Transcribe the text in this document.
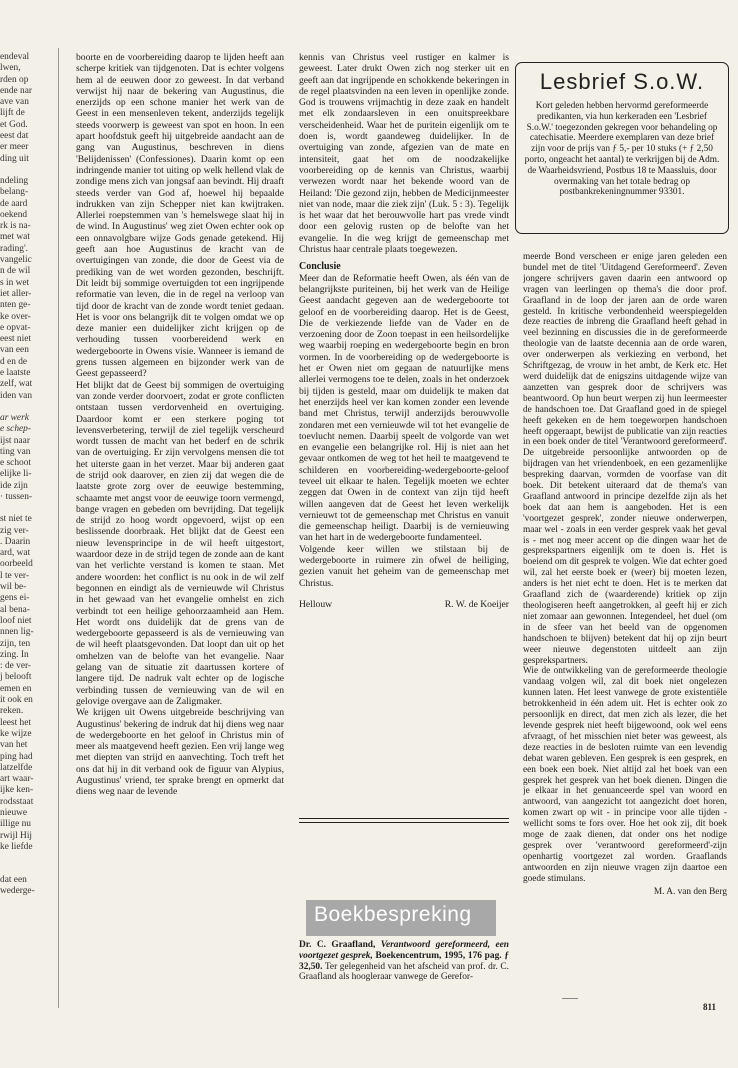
endeval
lwen,
rden op
ende nar
ave van
lijft de
et God.
eest dat
er meer
ding uit
ndeling
belang-
de aard
oekend
rk is na-
met wat
rading'.
vangelic
n de wil
s in wet
iet aller-
nten ge-
ke over-
e opvat-
eest niet
van een
d en de
e laatste
zelf, wat
iden van
ar werk
e schep-
ijst naar
ting van
e schoot
elijke li-
ide zijn
· tussen-
st niet te
zig ver-
. Daarin
ard, wat
oorbeeld
l te ver-
wil be-
gens ei-
al bena-
loof niet
nnen lig-
zijn, ten
zing. In
: de ver-
j belooft
emen en
it ook en
reken.
leest het
ke wijze
van het
ping had
latzelfde
art waar-
ijke ken-
rodsstaat
nieuwe
illige nu
rwijl Hij
ke liefde
dat een
wederge-

boorte en de voorbereiding daarop te lijden heeft aan scherpe kritiek van tijdgenoten. Dat is echter volgens hem al de eeuwen door zo geweest. In dat verband verwijst hij naar de bekering van Augustinus, die enerzijds op een schone manier het werk van de Geest in een mensenleven tekent, anderzijds tegelijk steeds voorwerp is geweest van spot en hoon. In een apart hoofdstuk geeft hij uitgebreide aandacht aan de gang van Augustinus, beschreven in diens 'Belijdenissen' (Confessiones). Daarin komt op een indringende manier tot uiting op welk hellend vlak de zondige mens zich van jongsaf aan bevindt. Hij draaft steeds verder van God af, hoewel hij bepaalde indrukken van zijn Schepper niet kan kwijtraken. Allerlei roepstemmen van 's hemelswege slaat hij in de wind. In Augustinus' weg ziet Owen echter ook op een onnavolgbare wijze Gods genade getekend. Hij geeft aan hoe Augustinus de kracht van de overtuigingen van zonde, die door de Geest via de prediking van de wet worden gezonden, beschrijft. Dit leidt bij sommige overtuigden tot een ingrijpende reformatie van leven, die in de regel na verloop van tijd door de kracht van de zonde wordt teniet gedaan. Het is voor ons belangrijk dit te volgen omdat we op deze manier een duidelijker zicht krijgen op de verhouding tussen voorbereidend werk en wedergeboorte in Owens visie. Wanneer is iemand de grens tussen algemeen en bijzonder werk van de Geest gepasseerd?

Het blijkt dat de Geest bij sommigen de overtuiging van zonde verder doorvoert, zodat er grote conflicten ontstaan tussen verdorvenheid en overtuiging. Daardoor komt er een sterkere poging tot levensverbetering, terwijl de ziel tegelijk verscheurd wordt tussen de macht van het bederf en de schrik van de overtuiging. Er zijn vervolgens mensen die tot het uiterste gaan in het verzet. Maar bij anderen gaat de strijd ook daarover, en zien zij dat wegen die de laatste grote zorg over de eeuwige bestemming, schaamte met angst voor de eeuwige toorn vermengd, bange vragen en gebeden om bevrijding. Dat tegelijk de strijd zo hoog wordt opgevoerd, wijst op een beslissende doorbraak. Het blijkt dat de Geest een nieuw levensprincipe in de wil heeft uitgestort, waardoor deze in de strijd tegen de zonde aan de kant van het verlichte verstand is komen te staan. Met andere woorden: het conflict is nu ook in de wil zelf begonnen en eindigt als de vernieuwde wil Christus in het gewaad van het evangelie omhelst en zich verbindt tot een heilige gehoorzaamheid aan Hem. Het wordt ons duidelijk dat de grens van de wedergeboorte gepasseerd is als de vernieuwing van de wil heeft plaatsgevonden. Dat loopt dan uit op het omhelzen van de belofte van het evangelie. Naar gelang van de situatie zit daartussen kortere of langere tijd. De nadruk valt echter op de logische verbinding tussen de vernieuwing van de wil en gelovige overgave aan de Zaligmaker.

We krijgen uit Owens uitgebreide beschrijving van Augustinus' bekering de indruk dat hij diens weg naar de wedergeboorte en het geloof in Christus min of meer als maatgevend heeft gezien. Een vrij lange weg met diepten van strijd en aanvechting. Toch treft het ons dat hij in dit verband ook de figuur van Alypius, Augustinus' vriend, ter sprake brengt en opmerkt dat diens weg naar de levende

kennis van Christus veel rustiger en kalmer is geweest. Later drukt Owen zich nog sterker uit en geeft aan dat ingrijpende en schokkende bekeringen in de regel plaatsvinden na een leven in openlijke zonde. God is trouwens vrijmachtig in deze zaak en handelt met elk zondaarsleven in een onuitspreekbare verscheidenheid. Waar het de puritein eigenlijk om te doen is, wordt gaandeweg duidelijker. In de overtuiging van zonde, afgezien van de mate en intensiteit, gaat het om de noodzakelijke voorbereiding op de kennis van Christus, waarbij verwezen wordt naar het bekende woord van de Heiland: 'Die gezond zijn, hebben de Medicijnmeester niet van node, maar die ziek zijn' (Luk. 5 : 3). Tegelijk is het waar dat het berouwvolle hart pas vrede vindt door een gelovig rusten op de belofte van het evangelie. In die weg krijgt de gemeenschap met Christus haar centrale plaats toegewezen.

Conclusie

Meer dan de Reformatie heeft Owen, als één van de belangrijkste puriteinen, bij het werk van de Heilige Geest aandacht gegeven aan de wedergeboorte tot geloof en de voorbereiding daarop. Het is de Geest, Die de verkiezende liefde van de Vader en de verzoening door de Zoon toepast in een heilsordelijke weg waarbij roeping en wedergeboorte begin en bron vormen. In de voorbereiding op de wedergeboorte is het er Owen niet om gegaan de natuurlijke mens allerlei vermogens toe te delen, zoals in het onderzoek bij tijden is gesteld, maar om duidelijk te maken dat het enerzijds heel ver kan komen zonder een levende band met Christus, terwijl anderzijds berouwvolle zondaren met een vernieuwde wil tot het evangelie de toevlucht nemen. Daarbij speelt de volgorde van wet en evangelie een belangrijke rol. Hij is niet aan het gevaar ontkomen de weg tot het heil te maatgevend te schilderen en voorbereiding-wedergeboorte-geloof teveel uit elkaar te halen. Tegelijk moeten we echter zeggen dat Owen in de context van zijn tijd heeft willen aangeven dat de Geest het leven werkelijk vernieuwt tot de gemeenschap met Christus en vanuit die gemeenschap heiligt. Daarbij is de vernieuwing van het hart in de wedergeboorte fundamenteel.

Volgende keer willen we stilstaan bij de wedergeboorte in ruimere zin ofwel de heiliging, gezien vanuit het geheim van de gemeenschap met Christus.

Hellouw	R. W. de Koeijer
Boekbespreking
Dr. C. Graafland, Verantwoord gereformeerd, een voortgezet gesprek, Boekencentrum, 1995, 176 pag. ƒ 32,50. Ter gelegenheid van het afscheid van prof. dr. C. Graafland als hoogleraar vanwege de Gerefor-
Lesbrief S.o.W.
Kort geleden hebben hervormd gereformeerde predikanten, via hun kerkeraden een 'Lesbrief S.o.W.' toegezonden gekregen voor behandeling op catechisatie. Meerdere exemplaren van deze brief zijn voor de prijs van ƒ 5,- per 10 stuks (+ ƒ 2,50 porto, ongeacht het aantal) te verkrijgen bij de Adm. de Waarheidsvriend, Postbus 18 te Maassluis, door overmaking van het totale bedrag op postbankrekeningnummer 93301.

meerde Bond verscheen er enige jaren geleden een bundel met de titel 'Uitdagend Gereformeerd'. Zeven jongere schrijvers gaven daarin een antwoord op vragen van leerlingen op thema's die door prof. Graafland in de loop der jaren aan de orde waren gesteld. In kritische verbondenheid weerspiegelden deze reacties de inbreng die Graafland heeft gehad in veel bezinning en discussies die in de gereformeerde theologie van de laatste decennia aan de orde waren, over onderwerpen als verkiezing en verbond, het Schriftgezag, de vrouw in het ambt, de Kerk etc. Het werd duidelijk dat de enigszins uitdagende wijze van aanzetten van gesprek door de schrijvers was beantwoord. Op hun beurt werpen zij hun leermeester de handschoen toe. Dat Graafland goed in de spiegel heeft gekeken en de hem toegeworpen handschoen heeft opgeraapt, bewijst de publicatie van zijn reacties in een boek onder de titel 'Verantwoord gereformeerd'. De uitgebreide persoonlijke antwoorden op de bijdragen van het vriendenboek, en een gezamenlijke bespreking daarvan, vormden de voorfase van dit boek. Dit betekent uiteraard dat de thema's van Graafland antwoord in principe dezelfde zijn als het boek dat aan hem is aangeboden. Het is een 'voortgezet gesprek', zonder nieuwe onderwerpen, maar wel - zoals in een verder gesprek vaak het geval is - met nog meer accent op die dingen waar het de gesprekspartners eigenlijk om te doen is. Het is boeiend om dit gesprek te volgen. Wie dat echter goed wil, zal het eerste boek er (weer) bij moeten lezen, anders is het niet echt te doen. Het is te merken dat Graafland zich de (waarderende) kritiek op zijn theologiseren heeft aangetrokken, al geeft hij er zich niet zomaar aan gewonnen. Integendeel, het duel (om in de sfeer van het beeld van de opgenomen handschoen te blijven) betekent dat hij op zijn beurt weer nieuwe degenstoten uitdeelt aan zijn gesprekspartners.

Wie de ontwikkeling van de gereformeerde theologie vandaag volgen wil, zal dit boek niet ongelezen kunnen laten. Het leest vanwege de grote existentiële betrokkenheid in één adem uit. Het is echter ook zo persoonlijk en direct, dat men zich als lezer, die het levende gesprek niet heeft bijgewoond, ook wel eens afvraagt, of het misschien niet beter was geweest, als deze reacties in de besloten ruimte van een levendig debat waren gebleven. Een gesprek is een gesprek, en een boek een boek. Niet altijd zal het boek van een gesprek het gesprek van het boek dienen. Dingen die je elkaar in het genuanceerde spel van woord en antwoord, van aangezicht tot aangezicht doet horen, komen zwart op wit - in principe voor alle tijden - wellicht soms te fors over. Hoe het ook zij, dit boek moge de zaak dienen, dat onder ons het nodige gesprek over 'verantwoord gereformeerd'-zijn openhartig voortgezet zal worden. Graaflands antwoorden en zijn nieuwe vragen zijn daartoe een goede stimulans.

M. A. van den Berg
811
